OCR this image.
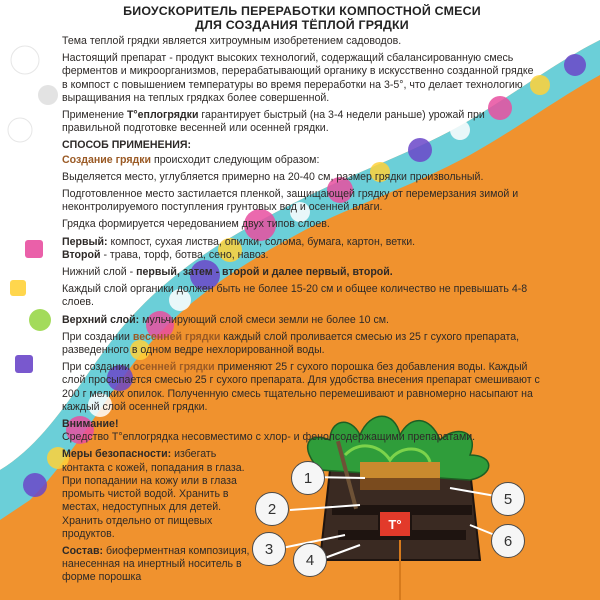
1
2
3
4
5
6
Т°
БИОУСКОРИТЕЛЬ ПЕРЕРАБОТКИ КОМПОСТНОЙ СМЕСИ
ДЛЯ СОЗДАНИЯ ТЁПЛОЙ ГРЯДКИ
Тема теплой грядки является хитроумным изобретением садоводов.
Настоящий препарат - продукт высоких технологий, содержащий сбалансированную смесь ферментов и микроорганизмов, перерабатывающий органику в искусственно созданной грядке в компост с повышением температуры во время переработки на 3-5°, что делает технологию выращивания на теплых грядках более совершенной.
Применение Т°еплогрядки гарантирует быстрый (на 3-4 недели раньше) урожай при правильной подготовке весенней или осенней грядки.
СПОСОБ ПРИМЕНЕНИЯ:
Создание грядки происходит следующим образом:
Выделяется место, углубляется примерно на 20-40 см, размер грядки произвольный.
Подготовленное место застилается пленкой, защищающей грядку от перемерзания зимой и неконтролируемого поступления грунтовых вод и осенней влаги.
Грядка формируется чередованием двух типов слоев.
Первый: компост, сухая листва, опилки, солома, бумага, картон, ветки.
Второй - трава, торф, ботва, сено, навоз.
Нижний слой - первый, затем - второй и далее первый, второй.
Каждый слой органики должен быть не более 15-20 см и общее количество не превышать 4-8 слоев.
Верхний слой: мульчирующий слой смеси земли не более 10 см.
При создании весенней грядки каждый слой проливается смесью из 25 г сухого препарата, разведенного в одном ведре нехлорированной воды.
При создании осенней грядки применяют 25 г сухого порошка без добавления воды. Каждый слой просыпается смесью 25 г сухого препарата. Для удобства внесения препарат смешивают с 200 г мелких опилок. Полученную смесь тщательно перемешивают и равномерно насыпают на каждый слой осенней грядки.
Внимание!
Средство Т°еплогрядка несовместимо с хлор- и фенолсодержащими препаратами.
Меры безопасности: избегать контакта с кожей, попадания в глаза. При попадании на кожу или в глаза промыть чистой водой. Хранить в местах, недоступных для детей. Хранить отдельно от пищевых продуктов.
Состав: биоферментная композиция, нанесенная на инертный носитель в форме порошка
